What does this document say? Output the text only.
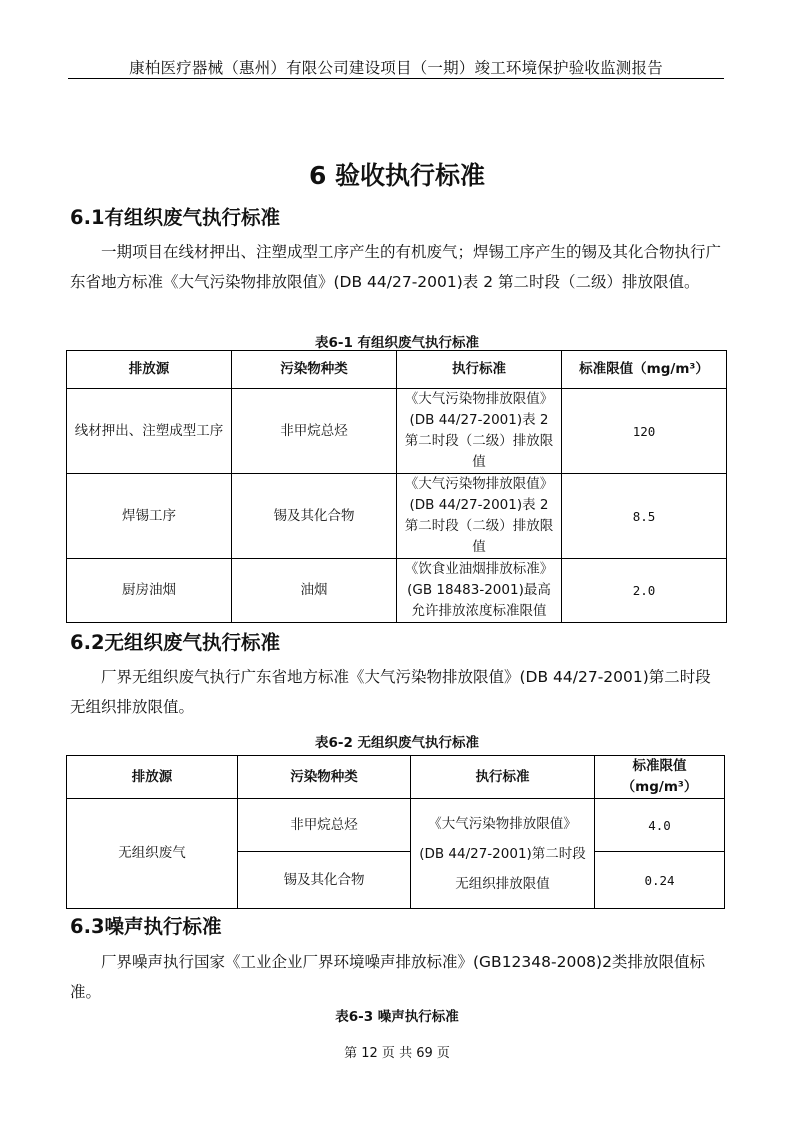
康柏医疗器械（惠州）有限公司建设项目（一期）竣工环境保护验收监测报告
6 验收执行标准
6.1有组织废气执行标准
一期项目在线材押出、注塑成型工序产生的有机废气；焊锡工序产生的锡及其化合物执行广东省地方标准《大气污染物排放限值》(DB 44/27-2001)表 2 第二时段（二级）排放限值。
表6-1 有组织废气执行标准
排放源	污染物种类	执行标准	标准限值（mg/m³）
线材押出、注塑成型工序	非甲烷总烃	《大气污染物排放限值》(DB 44/27-2001)表 2 第二时段（二级）排放限值	120
焊锡工序	锡及其化合物	《大气污染物排放限值》(DB 44/27-2001)表 2 第二时段（二级）排放限值	8.5
厨房油烟	油烟	《饮食业油烟排放标准》(GB 18483-2001)最高允许排放浓度标准限值	2.0
6.2无组织废气执行标准
厂界无组织废气执行广东省地方标准《大气污染物排放限值》(DB 44/27-2001)第二时段无组织排放限值。
表6-2 无组织废气执行标准
排放源	污染物种类	执行标准	标准限值（mg/m³）
无组织废气	非甲烷总烃	《大气污染物排放限值》(DB 44/27-2001)第二时段无组织排放限值	4.0
	锡及其化合物		0.24
6.3噪声执行标准
厂界噪声执行国家《工业企业厂界环境噪声排放标准》(GB12348-2008)2类排放限值标准。
表6-3 噪声执行标准
第 12 页 共 69 页
